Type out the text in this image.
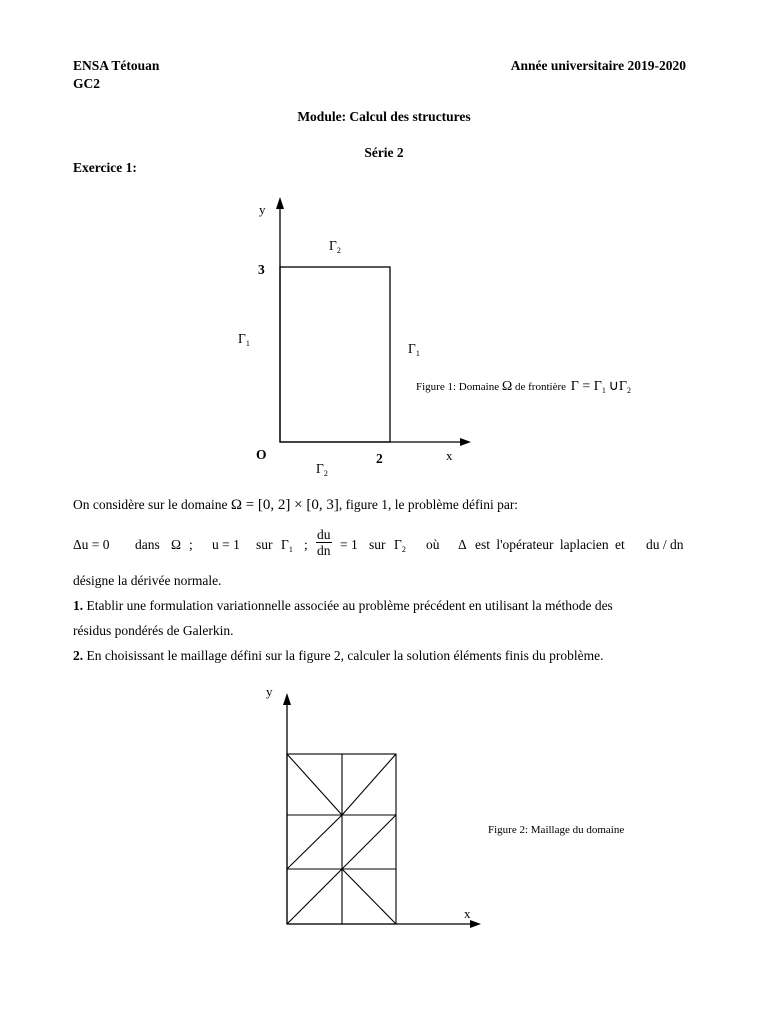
ENSA Tétouan
GC2
Année universitaire 2019-2020
Module: Calcul des structures
Série 2
Exercice 1:
y
x
3
2
O
$\Gamma_2$
$\Gamma_2$
$\Gamma_1$	$\Gamma_1$
Figure 1: Domaine Ω de frontière $\Gamma = \Gamma_1$ $\cup\Gamma_2$
On considère sur le domaine Ω = [0, 2] × [0, 3], figure 1, le problème défini par:
Δu = 0 dans Ω ; u = 1 sur $\Gamma_1$ ; $\frac{du}{dn} = 1$ sur $\Gamma_2$ où Δ est l'opérateur laplacien et du / dn
désigne la dérivée normale.
1. Etablir une formulation variationnelle associée au problème précédent en utilisant la méthode des
résidus pondérés de Galerkin.
2. En choisissant le maillage défini sur la figure 2, calculer la solution éléments finis du problème.
y
x
Figure 2: Maillage du domaine
